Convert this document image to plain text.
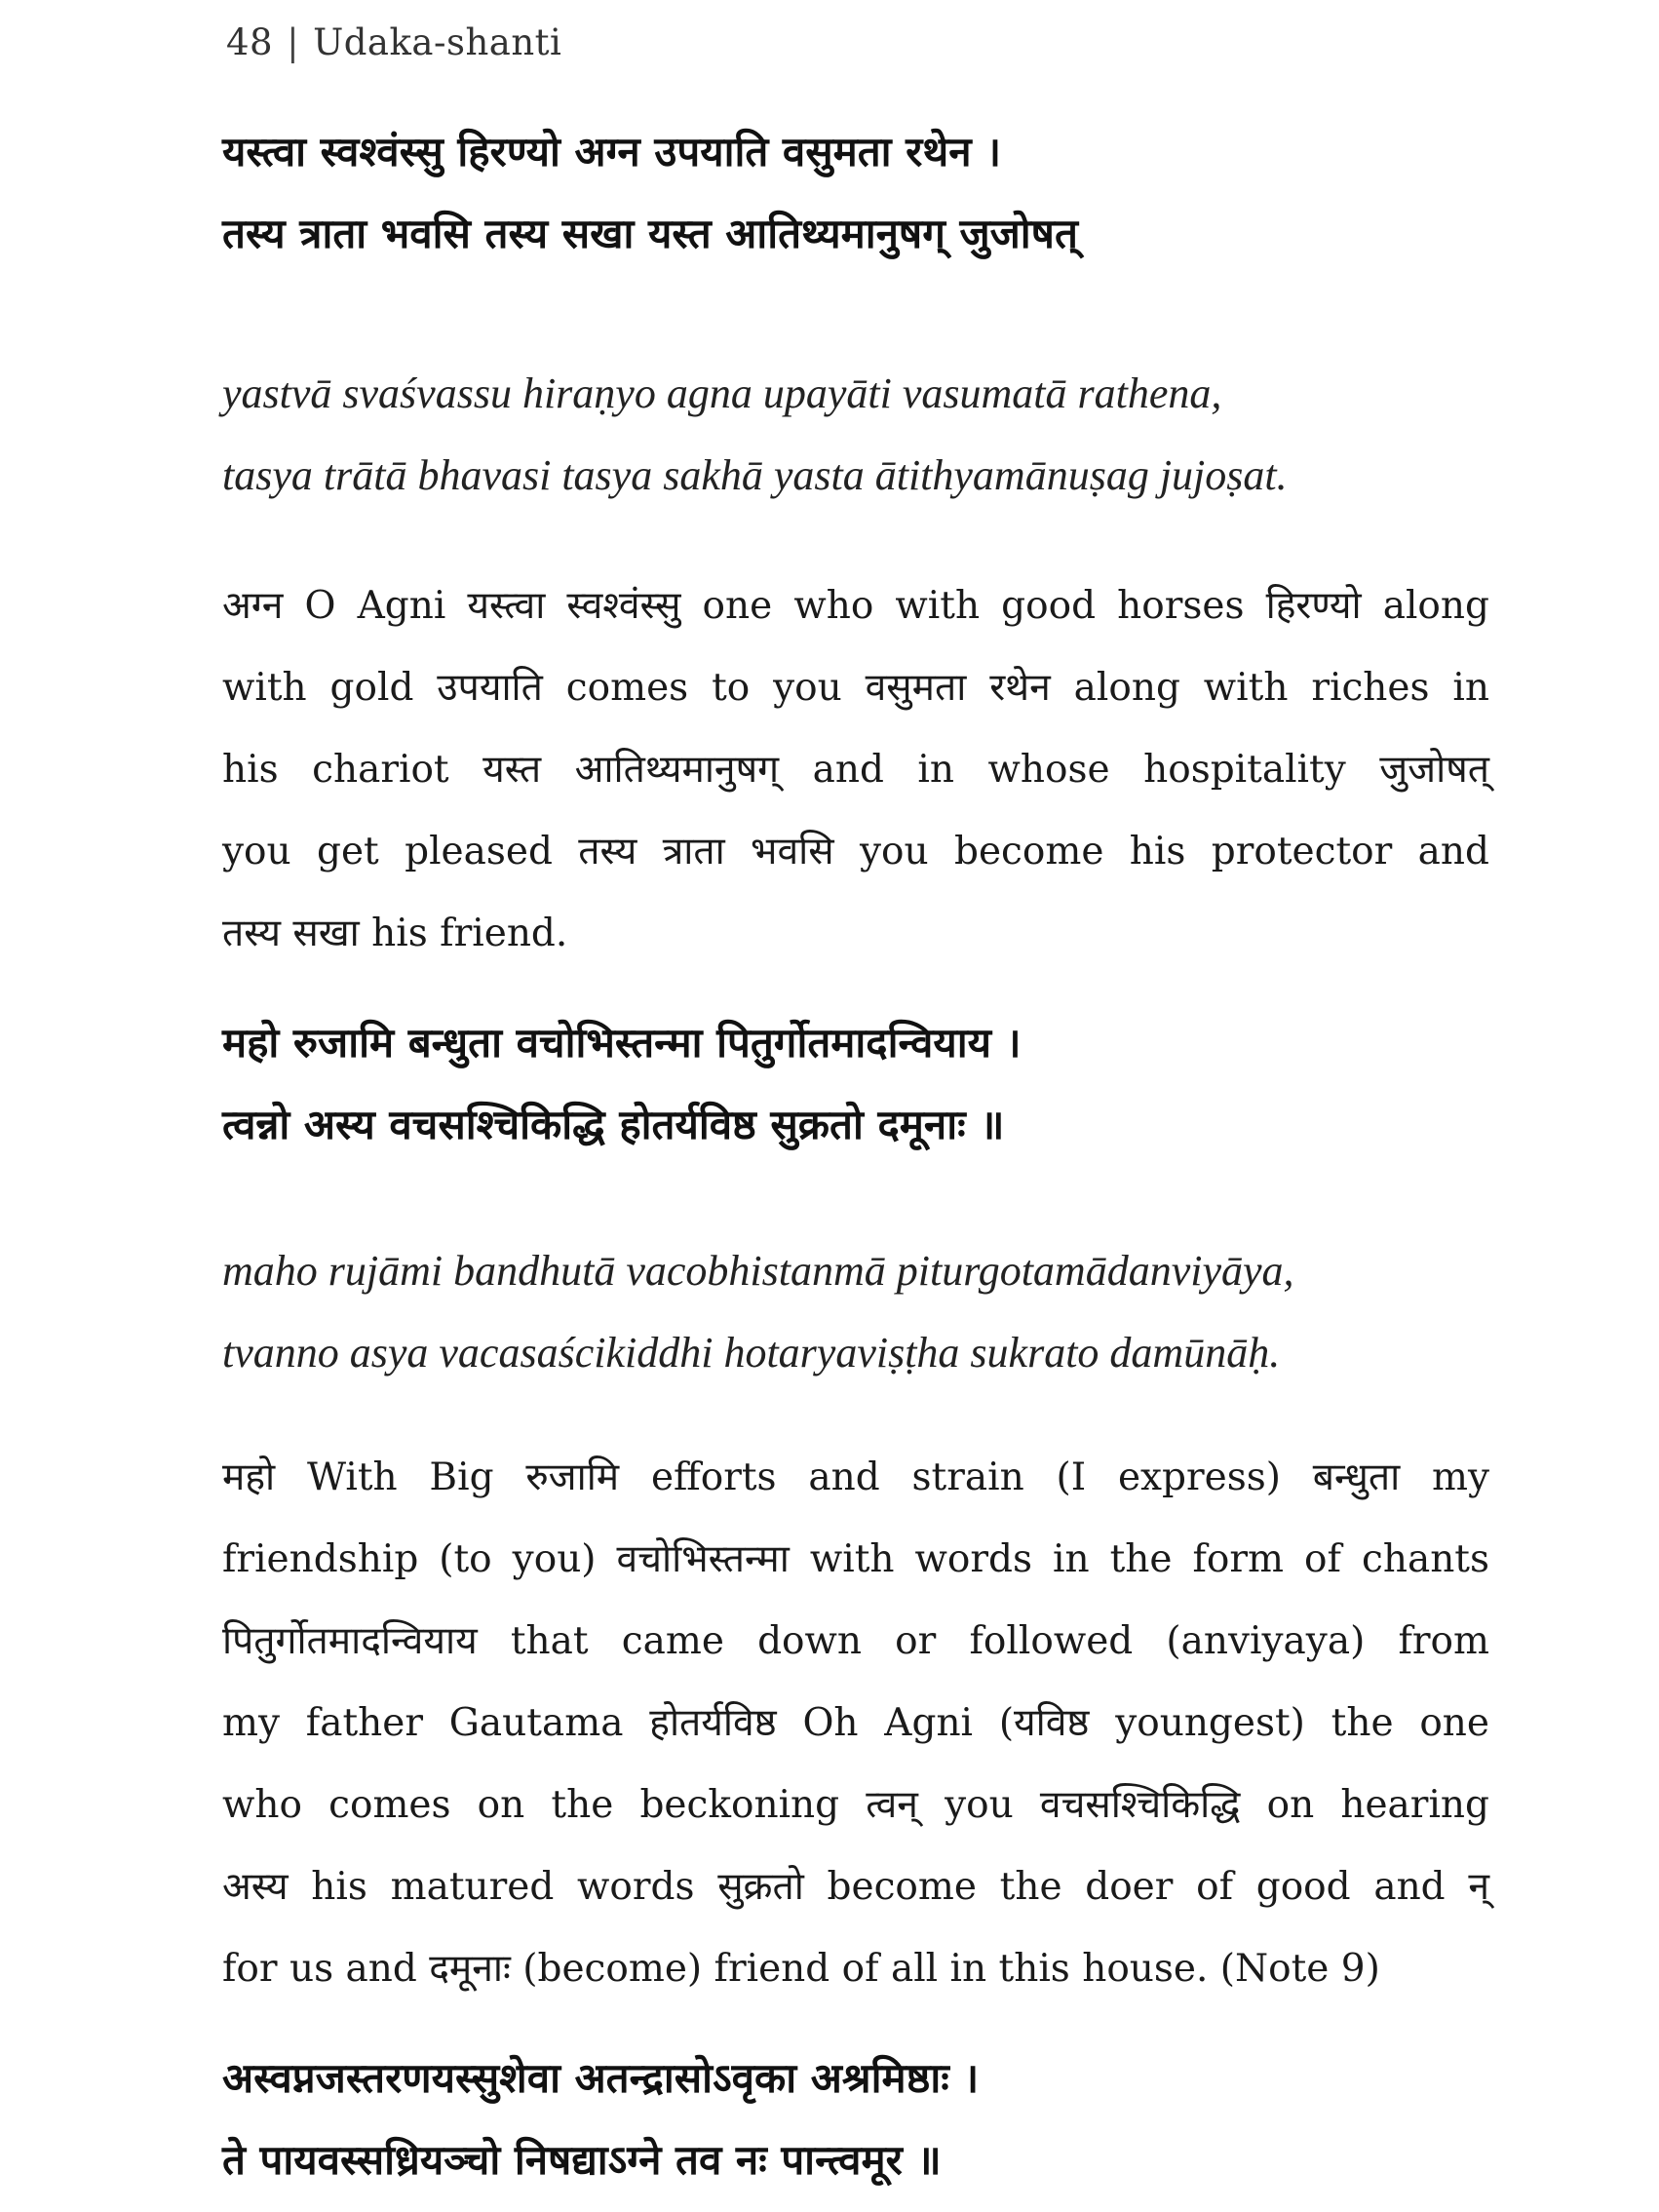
48 | Udaka-shanti
यस्त्वा स्वश्वंस्सु हिरण्यो अग्न उपयाति वसुमता रथेन ।
तस्य त्राता भवसि तस्य सखा यस्त आतिथ्यमानुषग् जुजोषत्
yastvā svaśvassu hiraṇyo agna upayāti vasumatā rathena,
tasya trātā bhavasi tasya sakhā yasta ātithyamānuṣag jujoṣat.
अग्न O Agni यस्त्वा स्वश्वंस्सु one who with good horses हिरण्यो along
with gold उपयाति comes to you वसुमता रथेन along with riches in
his chariot यस्त आतिथ्यमानुषग् and in whose hospitality जुजोषत्
you get pleased तस्य त्राता भवसि you become his protector and
तस्य सखा his friend.
महो रुजामि बन्धुता वचोभिस्तन्मा पितुर्गोतमादन्वियाय ।
त्वन्नो अस्य वचसश्चिकिद्धि होतर्यविष्ठ सुक्रतो दमूनाः ॥
maho rujāmi bandhutā vacobhistanmā piturgotamādanviyāya,
tvanno asya vacasaścikiddhi hotaryaviṣṭha sukrato damūnāḥ.
महो With Big रुजामि efforts and strain (I express) बन्धुता my
friendship (to you) वचोभिस्तन्मा with words in the form of chants
पितुर्गोतमादन्वियाय that came down or followed (anviyaya) from
my father Gautama होतर्यविष्ठ Oh Agni (यविष्ठ youngest) the one
who comes on the beckoning त्वन् you वचसश्चिकिद्धि on hearing
अस्य his matured words सुक्रतो become the doer of good and न्
for us and दमूनाः (become) friend of all in this house. (Note 9)
अस्वप्नजस्तरणयस्सुशेवा अतन्द्रासोऽवृका अश्रमिष्ठाः ।
ते पायवस्सध्रियञ्चो निषद्याऽग्ने तव नः पान्त्वमूर ॥
